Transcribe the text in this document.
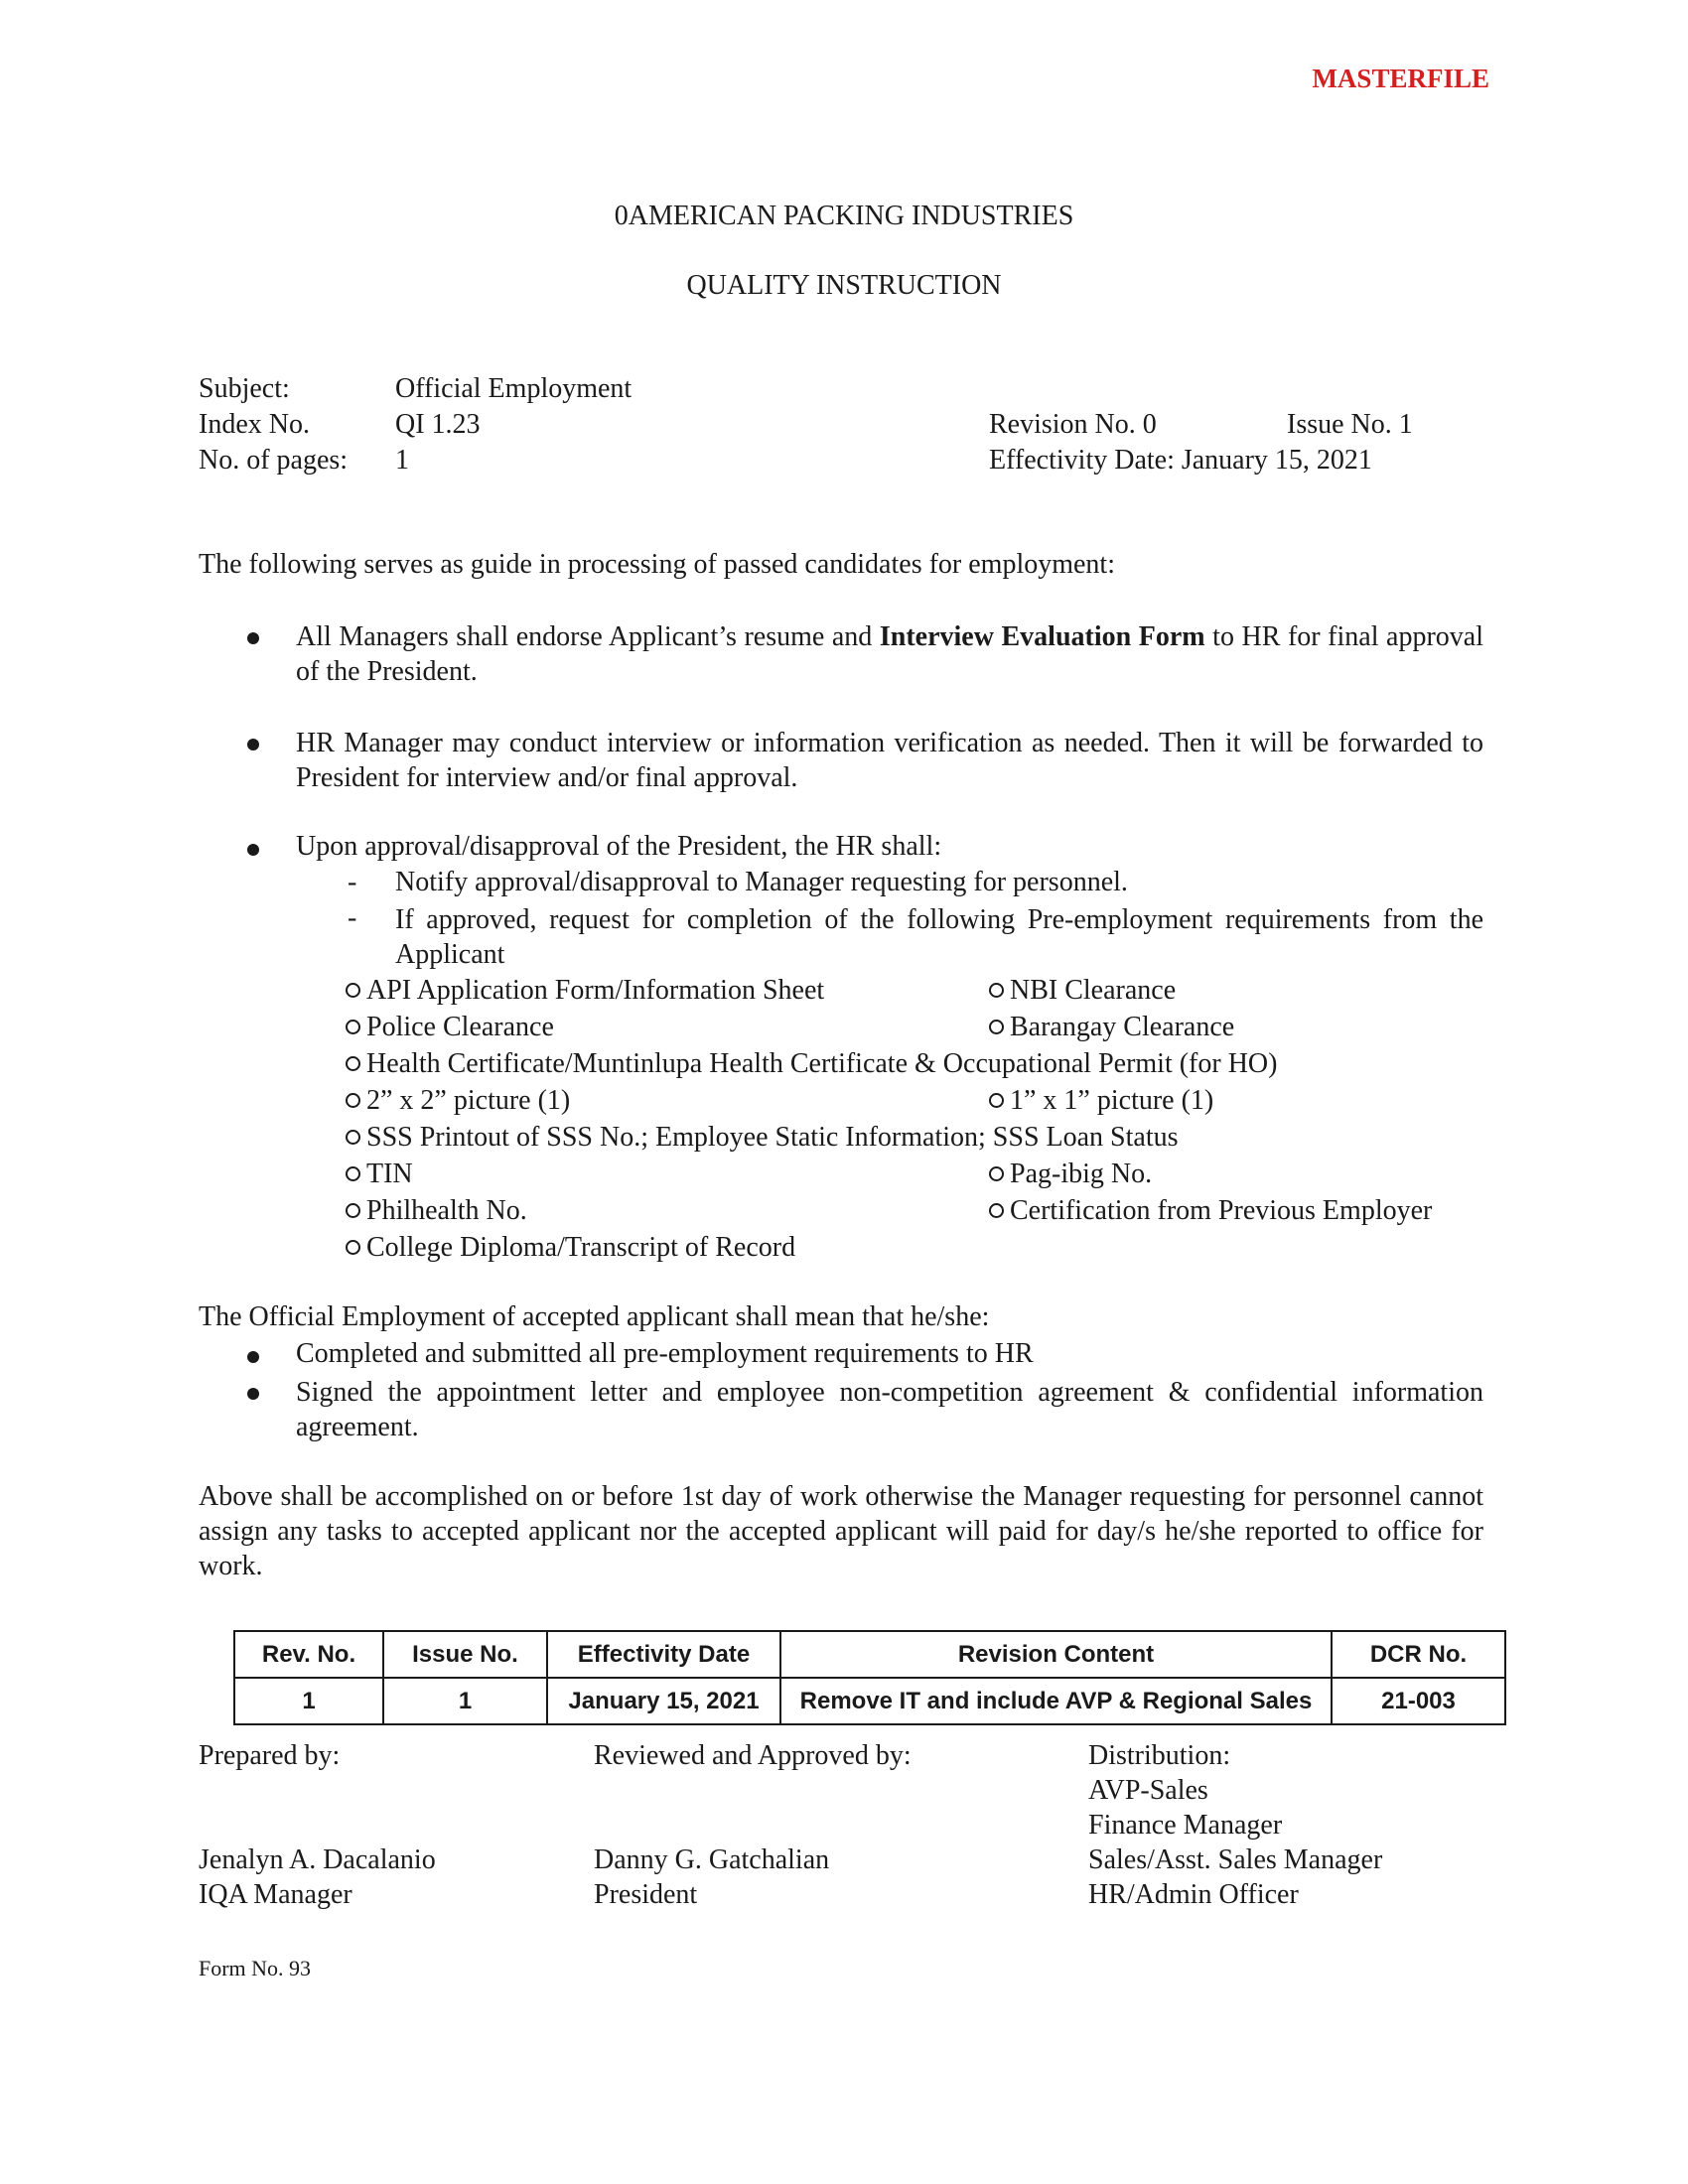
MASTERFILE
0AMERICAN PACKING INDUSTRIES
QUALITY INSTRUCTION
Subject:	Official Employment
Index No.	QI 1.23	Revision No. 0	Issue No. 1
No. of pages: 1	Effectivity Date: January 15, 2021
The following serves as guide in processing of passed candidates for employment:
All Managers shall endorse Applicant’s resume and Interview Evaluation Form to HR for final approval of the President.
HR Manager may conduct interview or information verification as needed. Then it will be forwarded to President for interview and/or final approval.
Upon approval/disapproval of the President, the HR shall:
- Notify approval/disapproval to Manager requesting for personnel.
- If approved, request for completion of the following Pre-employment requirements from the Applicant
API Application Form/Information Sheet	NBI Clearance
Police Clearance	Barangay Clearance
Health Certificate/Muntinlupa Health Certificate & Occupational Permit (for HO)
2” x 2” picture (1)	1” x 1” picture (1)
SSS Printout of SSS No.; Employee Static Information; SSS Loan Status
TIN	Pag-ibig No.
Philhealth No.	Certification from Previous Employer
College Diploma/Transcript of Record
The Official Employment of accepted applicant shall mean that he/she:
Completed and submitted all pre-employment requirements to HR
Signed the appointment letter and employee non-competition agreement & confidential information agreement.
Above shall be accomplished on or before 1st day of work otherwise the Manager requesting for personnel cannot assign any tasks to accepted applicant nor the accepted applicant will paid for day/s he/she reported to office for work.
Rev. No.	Issue No.	Effectivity Date	Revision Content	DCR No.
1	1	January 15, 2021	Remove IT and include AVP & Regional Sales	21-003
Prepared by:	Reviewed and Approved by:	Distribution:
AVP-Sales
Finance Manager
Jenalyn A. Dacalanio	Danny G. Gatchalian	Sales/Asst. Sales Manager
IQA Manager	President	HR/Admin Officer
Form No. 93
